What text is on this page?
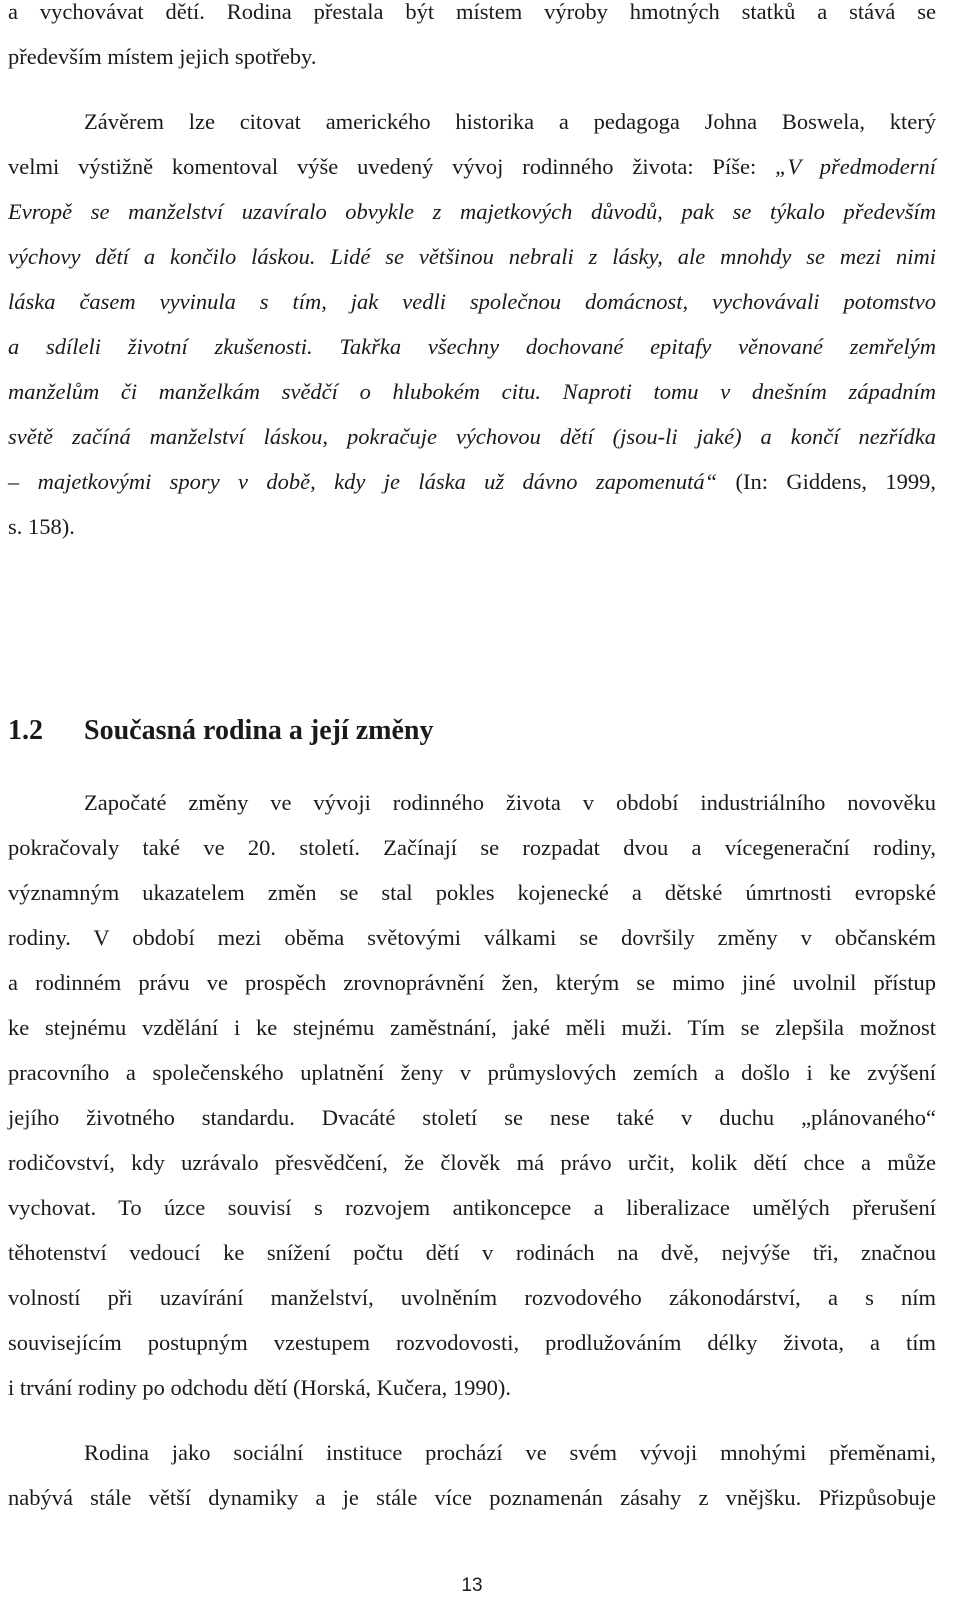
a vychovávat dětí. Rodina přestala být místem výroby hmotných statků a stává se
především místem jejich spotřeby.
Závěrem lze citovat amerického historika a pedagoga Johna Boswela, který
velmi výstižně komentoval výše uvedený vývoj rodinného života: Píše: „V předmoderní
Evropě se manželství uzavíralo obvykle z majetkových důvodů, pak se týkalo především
výchovy dětí a končilo láskou. Lidé se většinou nebrali z lásky, ale mnohdy se mezi nimi
láska časem vyvinula s tím, jak vedli společnou domácnost, vychovávali potomstvo
a sdíleli životní zkušenosti. Takřka všechny dochované epitafy věnované zemřelým
manželům či manželkám svědčí o hlubokém citu. Naproti tomu v dnešním západním
světě začíná manželství láskou, pokračuje výchovou dětí (jsou-li jaké) a končí nezřídka
– majetkovými spory v době, kdy je láska už dávno zapomenutá“ (In: Giddens, 1999,
s. 158).
1.2 Současná rodina a její změny
Započaté změny ve vývoji rodinného života v období industriálního novověku
pokračovaly také ve 20. století. Začínají se rozpadat dvou a vícegenerační rodiny,
významným ukazatelem změn se stal pokles kojenecké a dětské úmrtnosti evropské
rodiny. V období mezi oběma světovými válkami se dovršily změny v občanském
a rodinném právu ve prospěch zrovnoprávnění žen, kterým se mimo jiné uvolnil přístup
ke stejnému vzdělání i ke stejnému zaměstnání, jaké měli muži. Tím se zlepšila možnost
pracovního a společenského uplatnění ženy v průmyslových zemích a došlo i ke zvýšení
jejího životného standardu. Dvacáté století se nese také v duchu „plánovaného“
rodičovství, kdy uzrávalo přesvědčení, že člověk má právo určit, kolik dětí chce a může
vychovat. To úzce souvisí s rozvojem antikoncepce a liberalizace umělých přerušení
těhotenství vedoucí ke snížení počtu dětí v rodinách na dvě, nejvýše tři, značnou
volností při uzavírání manželství, uvolněním rozvodového zákonodárství, a s ním
souvisejícím postupným vzestupem rozvodovosti, prodlužováním délky života, a tím
i trvání rodiny po odchodu dětí (Horská, Kučera, 1990).
Rodina jako sociální instituce prochází ve svém vývoji mnohými přeměnami,
nabývá stále větší dynamiky a je stále více poznamenán zásahy z vnějšku. Přizpůsobuje
13
